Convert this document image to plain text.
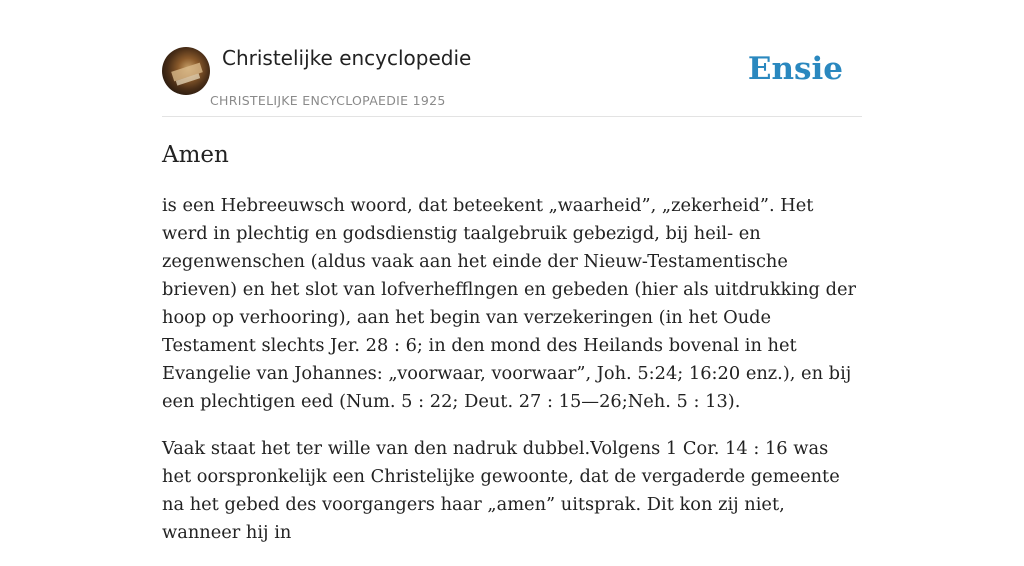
Christelijke encyclopedie
CHRISTELIJKE ENCYCLOPAEDIE 1925
Ensie
Amen

is een Hebreeuwsch woord, dat beteekent „waarheid”, „zekerheid”. Het werd in plechtig en godsdienstig taalgebruik gebezigd, bij heil- en zegenwenschen (aldus vaak aan het einde der Nieuw-Testamentische brieven) en het slot van lofverhefflngen en gebeden (hier als uitdrukking der hoop op verhooring), aan het begin van verzekeringen (in het Oude Testament slechts Jer. 28 : 6; in den mond des Heilands bovenal in het Evangelie van Johannes: „voorwaar, voorwaar”, Joh. 5:24; 16:20 enz.), en bij een plechtigen eed (Num. 5 : 22; Deut. 27 : 15—26;Neh. 5 : 13).

Vaak staat het ter wille van den nadruk dubbel.Volgens 1 Cor. 14 : 16 was het oorspronkelijk een Christelijke gewoonte, dat de vergaderde gemeente na het gebed des voorgangers haar „amen” uitsprak. Dit kon zij niet, wanneer hij in
